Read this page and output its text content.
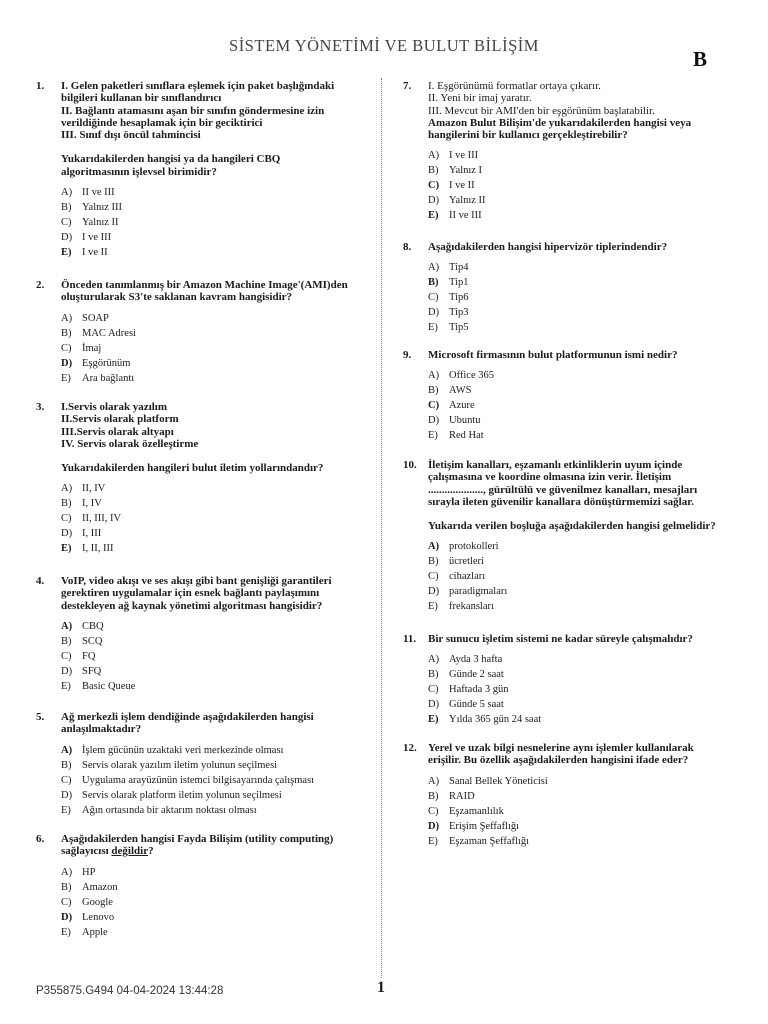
SİSTEM YÖNETİMİ VE BULUT BİLİŞİM
B
1. I. Gelen paketleri sınıflara eşlemek için paket başlığındaki
bilgileri kullanan bir sınıflandırıcı
II. Bağlantı atamasını aşan bir sınıfın göndermesine izin
verildiğinde hesaplamak için bir geciktirici
III. Sınıf dışı öncül tahmincisi
Yukarıdakilerden hangisi ya da hangileri CBQ
algoritmasının işlevsel birimidir?
A) II ve III
B) Yalnız III
C) Yalnız II
D) I ve III
E) I ve II
2. Önceden tanımlanmış bir Amazon Machine Image'(AMI)den
oluşturularak S3'te saklanan kavram hangisidir?
A) SOAP
B) MAC Adresi
C) İmaj
D) Eşgörünüm
E) Ara bağlantı
3. I.Servis olarak yazılım
II.Servis olarak platform
III.Servis olarak altyapı
IV. Servis olarak özelleştirme
Yukarıdakilerden hangileri bulut iletim yollarındandır?
A) II, IV
B) I, IV
C) II, III, IV
D) I, III
E) I, II, III
4. VoIP, video akışı ve ses akışı gibi bant genişliği garantileri
gerektiren uygulamalar için esnek bağlantı paylaşımını
destekleyen ağ kaynak yönetimi algoritması hangisidir?
A) CBQ
B) SCQ
C) FQ
D) SFQ
E) Basic Queue
5. Ağ merkezli işlem dendiğinde aşağıdakilerden hangisi
anlaşılmaktadır?
A) İşlem gücünün uzaktaki veri merkezinde olması
B) Servis olarak yazılım iletim yolunun seçilmesi
C) Uygulama arayüzünün istemci bilgisayarında çalışması
D) Servis olarak platform iletim yolunun seçilmesi
E) Ağın ortasında bir aktarım noktası olması
6. Aşağıdakilerden hangisi Fayda Bilişim (utility computing)
sağlayıcısı değildir?
A) HP
B) Amazon
C) Google
D) Lenovo
E) Apple
7. I. Eşgörünümü formatlar ortaya çıkarır.
II. Yeni bir imaj yaratır.
III. Mevcut bir AMI'den bir eşgörünüm başlatabilir.
Amazon Bulut Bilişim'de yukarıdakilerden hangisi veya
hangilerini bir kullanıcı gerçekleştirebilir?
A) I ve III
B) Yalnız I
C) I ve II
D) Yalnız II
E) II ve III
8. Aşağıdakilerden hangisi hipervizör tiplerindendir?
A) Tip4
B) Tip1
C) Tip6
D) Tip3
E) Tip5
9. Microsoft firmasının bulut platformunun ismi nedir?
A) Office 365
B) AWS
C) Azure
D) Ubuntu
E) Red Hat
10. İletişim kanalları, eşzamanlı etkinliklerin uyum içinde
çalışmasına ve koordine olmasına izin verir. İletişim
...................., gürültülü ve güvenilmez kanalları, mesajları
sırayla ileten güvenilir kanallara dönüştürmemizi sağlar.
Yukarıda verilen boşluğa aşağıdakilerden hangisi gelmelidir?
A) protokolleri
B) ücretleri
C) cihazları
D) paradigmaları
E) frekansları
11. Bir sunucu işletim sistemi ne kadar süreyle çalışmalıdır?
A) Ayda 3 hafta
B) Günde 2 saat
C) Haftada 3 gün
D) Günde 5 saat
E) Yılda 365 gün 24 saat
12. Yerel ve uzak bilgi nesnelerine aynı işlemler kullanılarak
erişilir. Bu özellik aşağıdakilerden hangisini ifade eder?
A) Sanal Bellek Yöneticisi
B) RAID
C) Eşzamanlılık
D) Erişim Şeffaflığı
E) Eşzaman Şeffaflığı
P355875.G494 04-04-2024 13:44:28	1
